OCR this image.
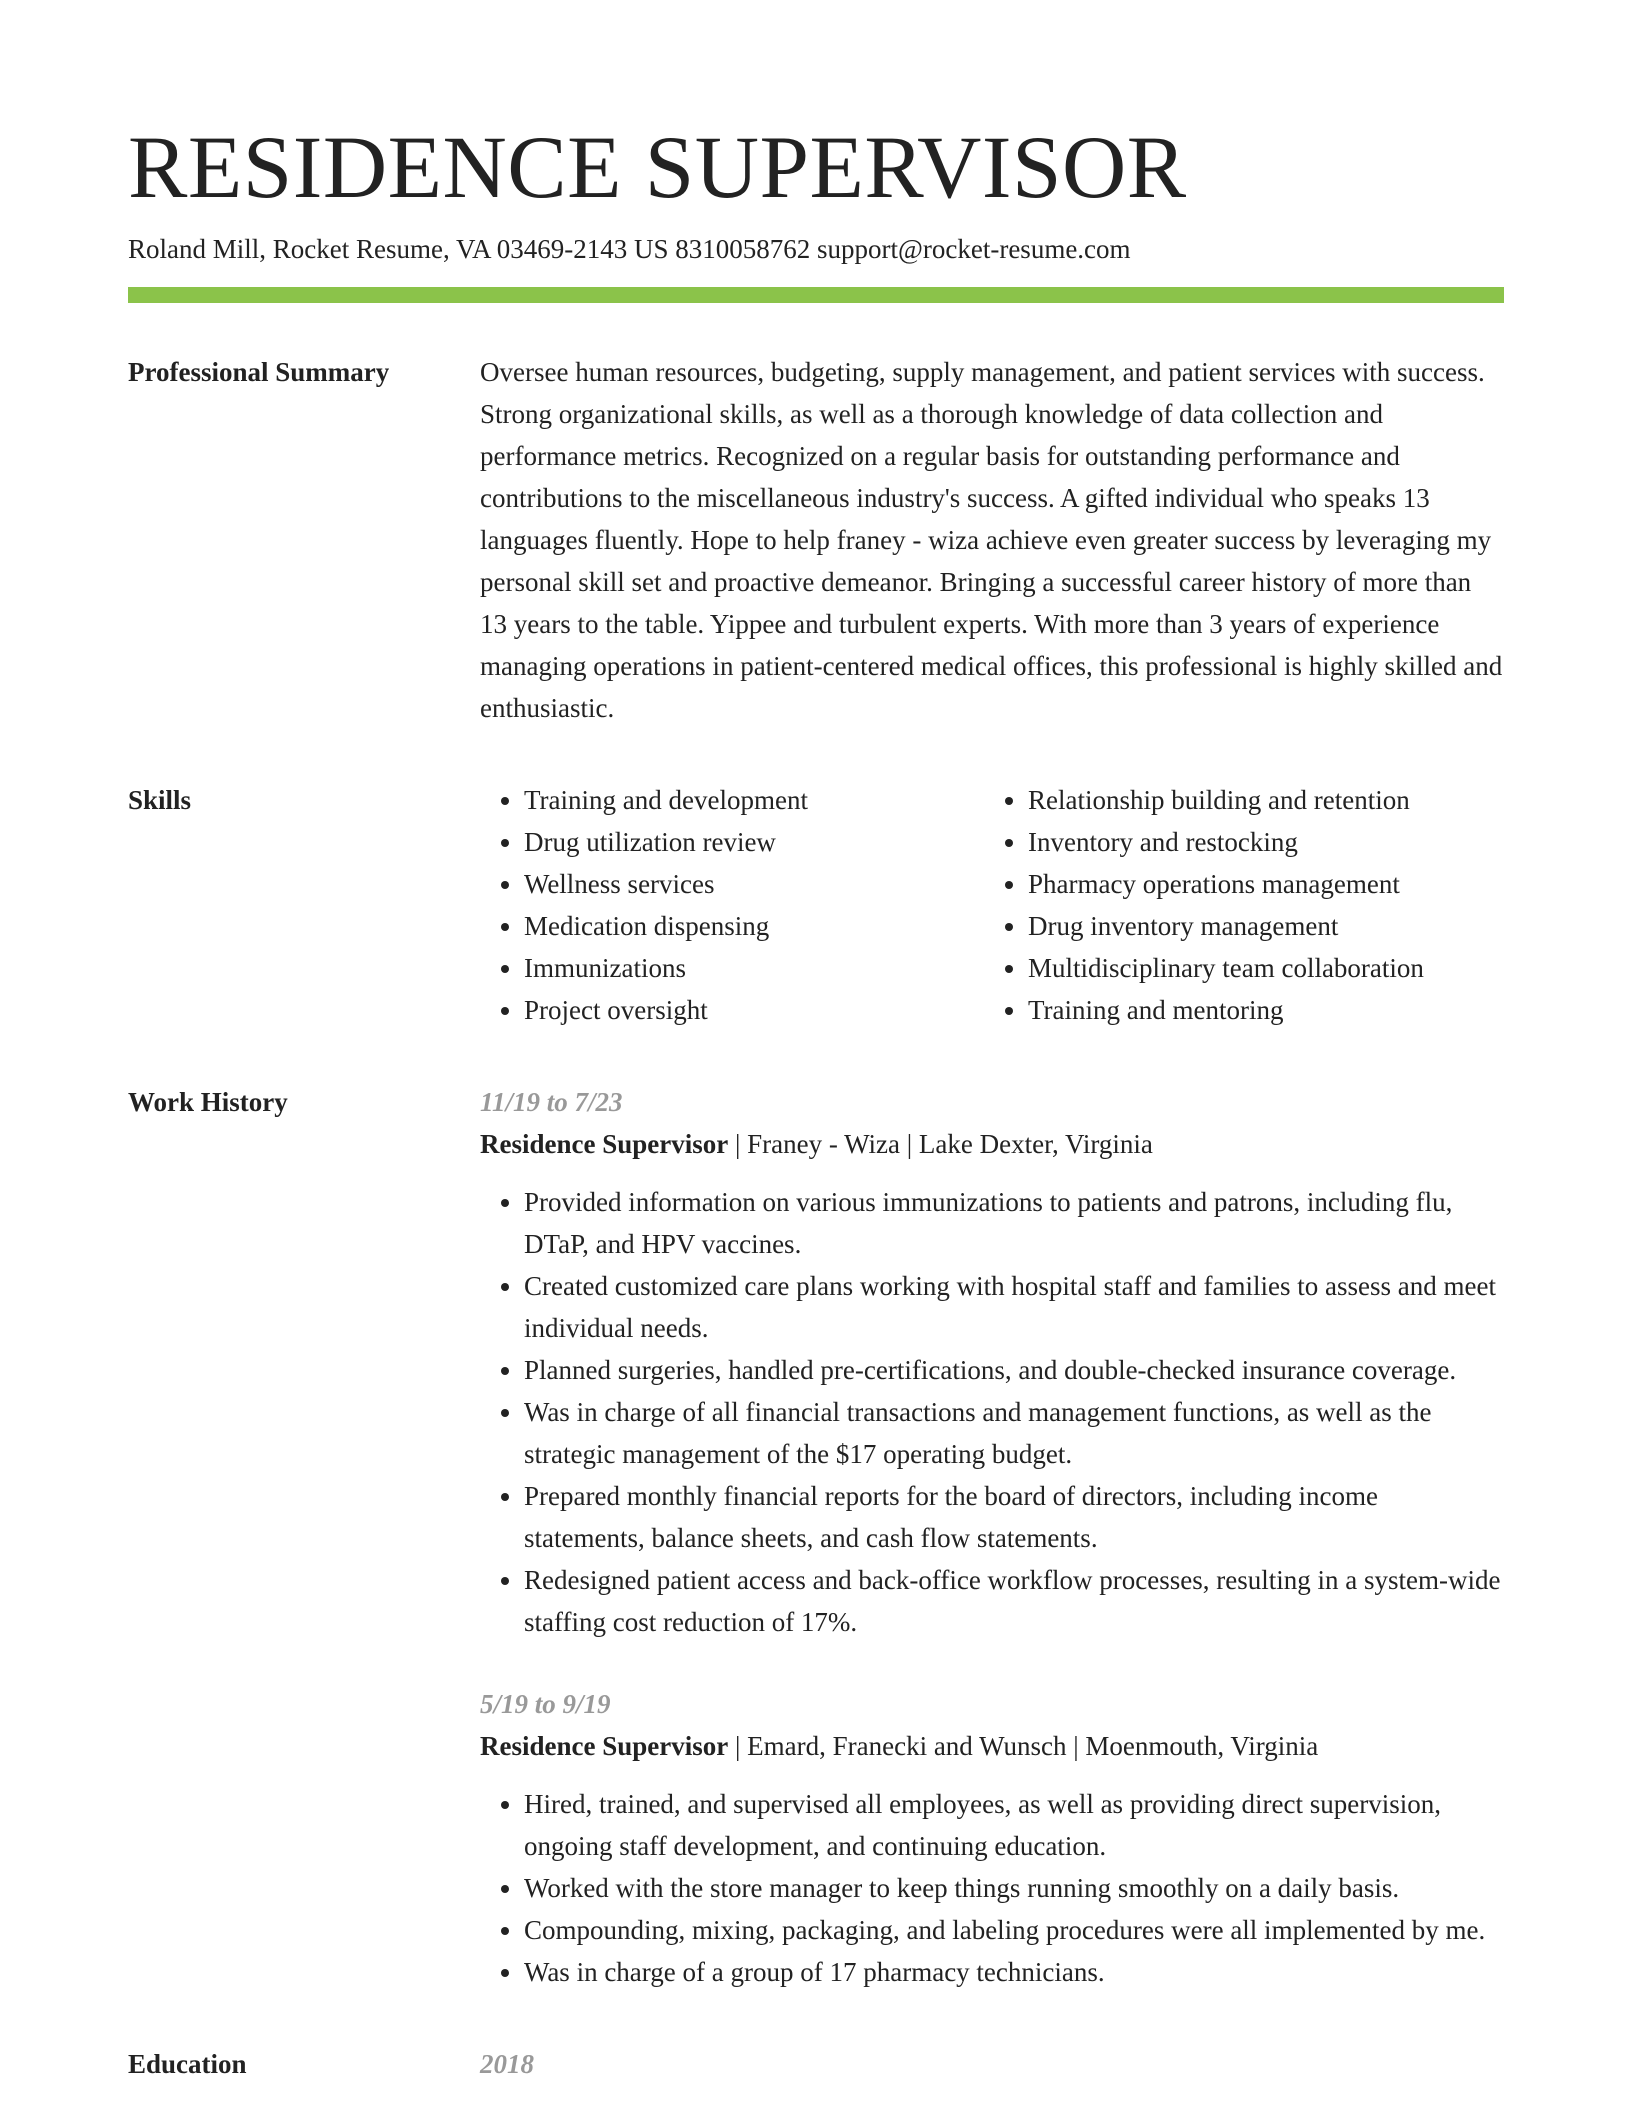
RESIDENCE SUPERVISOR
Roland Mill, Rocket Resume, VA 03469-2143 US 8310058762 support@rocket-resume.com
Professional Summary	Oversee human resources, budgeting, supply management, and patient services with success. Strong organizational skills, as well as a thorough knowledge of data collection and performance metrics. Recognized on a regular basis for outstanding performance and contributions to the miscellaneous industry's success. A gifted individual who speaks 13 languages fluently. Hope to help franey - wiza achieve even greater success by leveraging my personal skill set and proactive demeanor. Bringing a successful career history of more than 13 years to the table. Yippee and turbulent experts. With more than 3 years of experience managing operations in patient-centered medical offices, this professional is highly skilled and enthusiastic.

Skills
•	Training and development
• Drug utilization review
• Wellness services
• Medication dispensing
• Immunizations
• Project oversight
• Relationship building and retention
• Inventory and restocking
• Pharmacy operations management
• Drug inventory management
• Multidisciplinary team collaboration
• Training and mentoring
Work History	11/19 to 7/23
Residence Supervisor | Franey - Wiza | Lake Dexter, Virginia
• Provided information on various immunizations to patients and patrons, including flu, DTaP, and HPV vaccines.
• Created customized care plans working with hospital staff and families to assess and meet individual needs.
• Planned surgeries, handled pre-certifications, and double-checked insurance coverage.
• Was in charge of all financial transactions and management functions, as well as the strategic management of the $17 operating budget.
• Prepared monthly financial reports for the board of directors, including income statements, balance sheets, and cash flow statements.
• Redesigned patient access and back-office workflow processes, resulting in a system-wide staffing cost reduction of 17%.
5/19 to 9/19
Residence Supervisor | Emard, Franecki and Wunsch | Moenmouth, Virginia
• Hired, trained, and supervised all employees, as well as providing direct supervision, ongoing staff development, and continuing education.
• Worked with the store manager to keep things running smoothly on a daily basis.
• Compounding, mixing, packaging, and labeling procedures were all implemented by me.
• Was in charge of a group of 17 pharmacy technicians.
Education	2018
